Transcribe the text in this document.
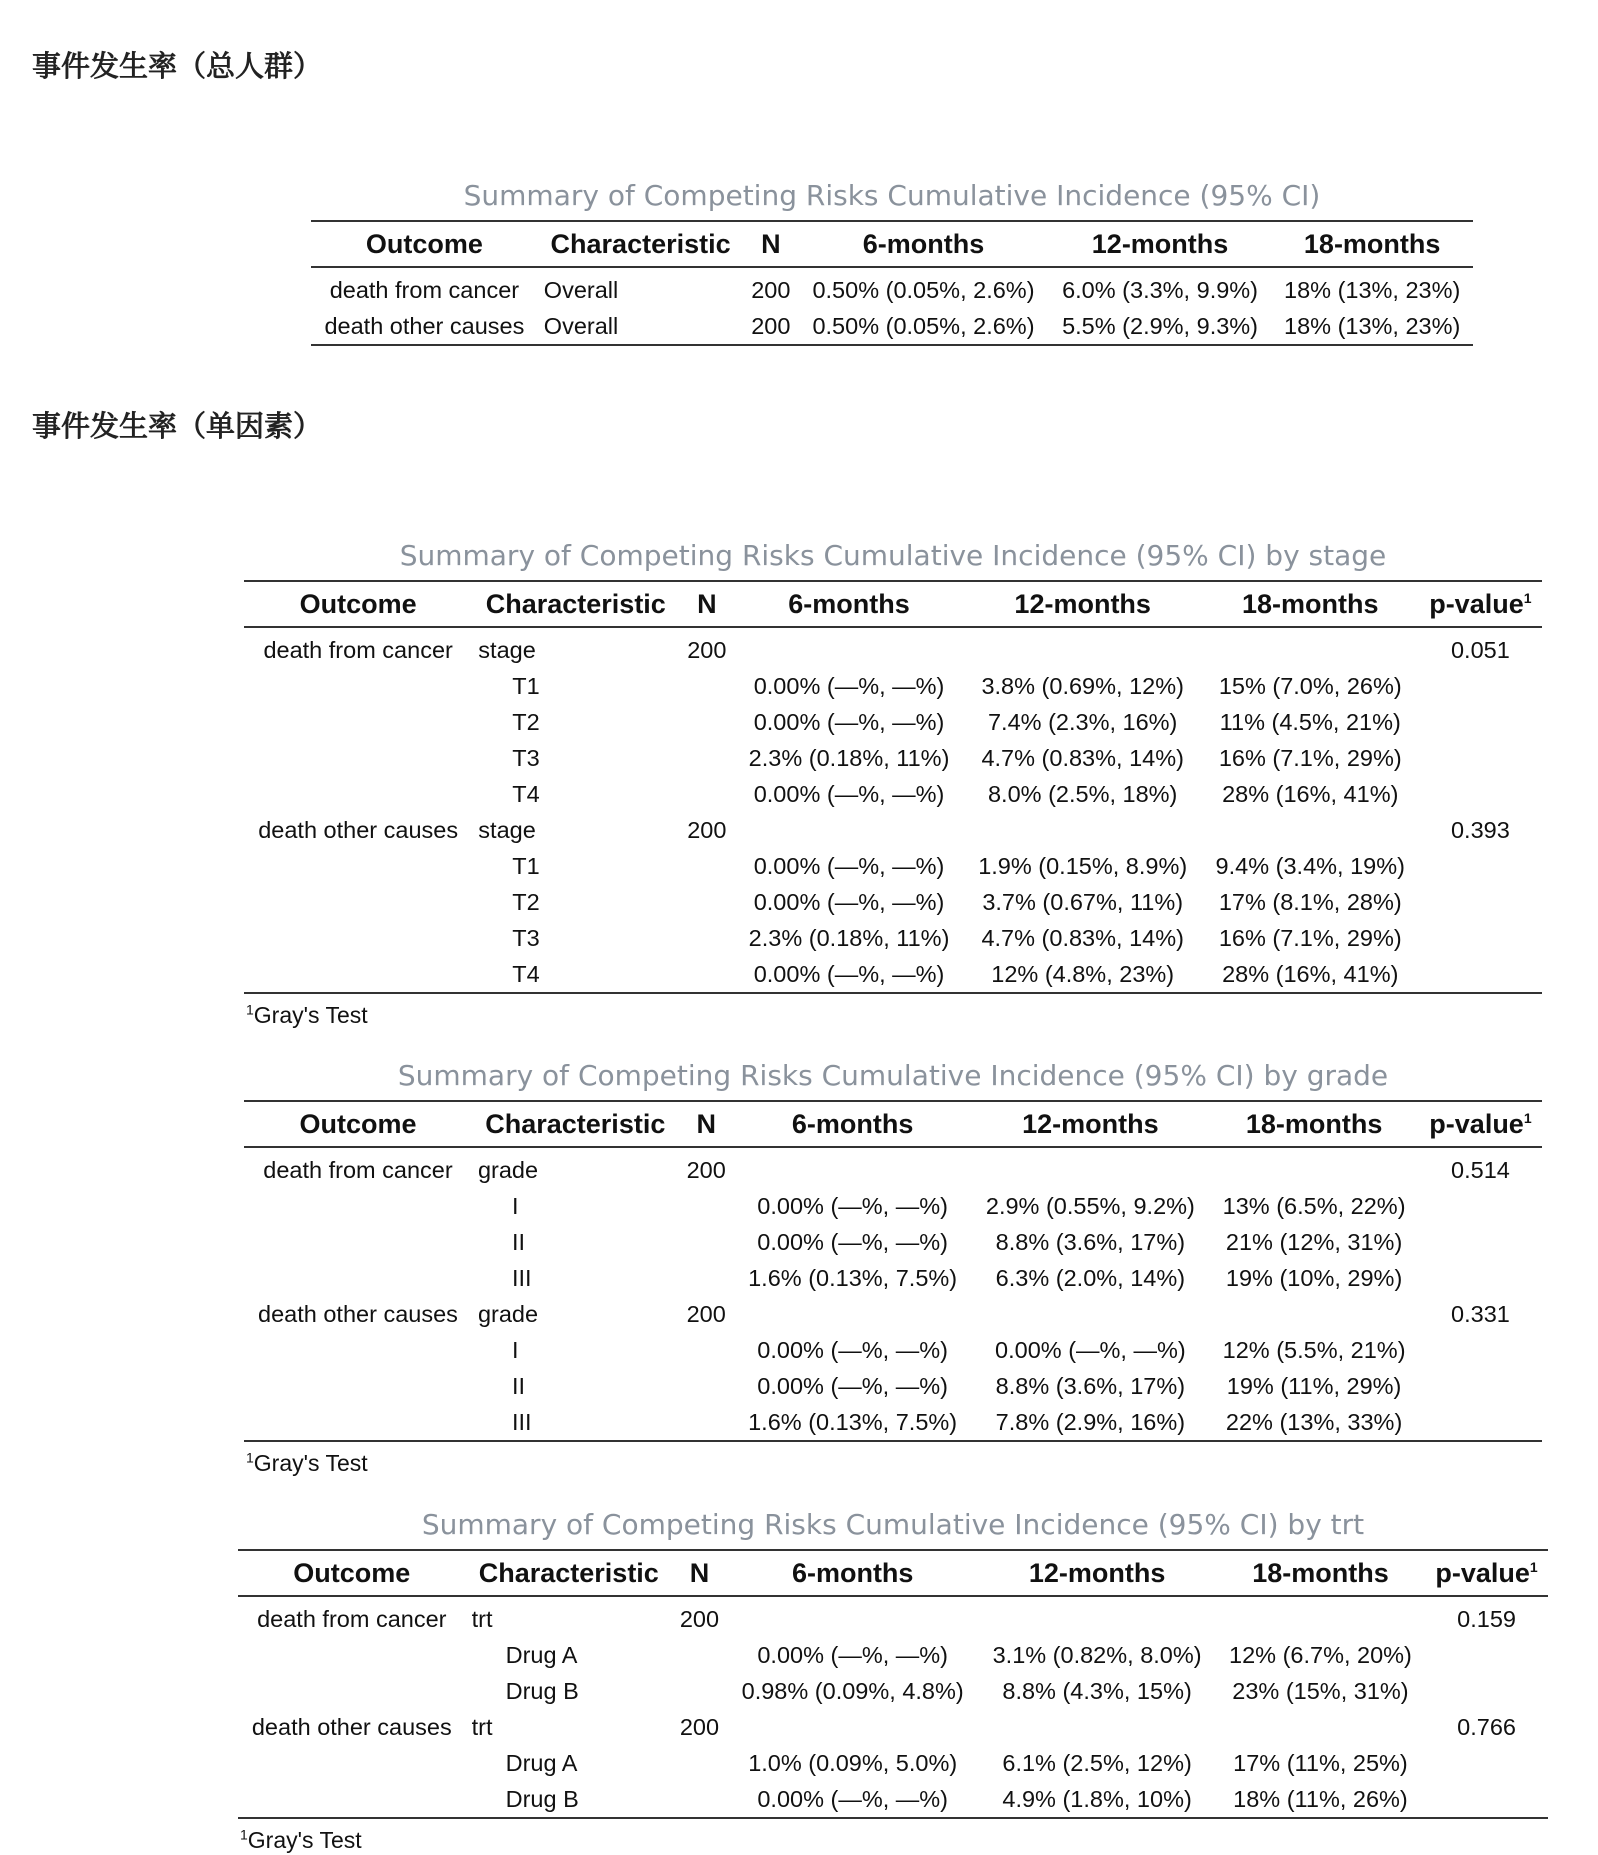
事件发生率（总人群）
事件发生率（单因素）
Summary of Competing Risks Cumulative Incidence (95% CI)
Outcome	Characteristic	N	6-months	12-months	18-months
death from cancer	Overall	200	0.50% (0.05%, 2.6%)	6.0% (3.3%, 9.9%)	18% (13%, 23%)
death other causes	Overall	200	0.50% (0.05%, 2.6%)	5.5% (2.9%, 9.3%)	18% (13%, 23%)
Summary of Competing Risks Cumulative Incidence (95% CI) by stage
Outcome	Characteristic	N	6-months	12-months	18-months	p-value$^1$
death from cancer	stage	200				0.051
	T1		0.00% (—%, —%)	3.8% (0.69%, 12%)	15% (7.0%, 26%)	
	T2		0.00% (—%, —%)	7.4% (2.3%, 16%)	11% (4.5%, 21%)	
	T3		2.3% (0.18%, 11%)	4.7% (0.83%, 14%)	16% (7.1%, 29%)	
	T4		0.00% (—%, —%)	8.0% (2.5%, 18%)	28% (16%, 41%)	
death other causes	stage	200				0.393
	T1		0.00% (—%, —%)	1.9% (0.15%, 8.9%)	9.4% (3.4%, 19%)	
	T2		0.00% (—%, —%)	3.7% (0.67%, 11%)	17% (8.1%, 28%)	
	T3		2.3% (0.18%, 11%)	4.7% (0.83%, 14%)	16% (7.1%, 29%)	
	T4		0.00% (—%, —%)	12% (4.8%, 23%)	28% (16%, 41%)	
$^1$Gray's Test
Summary of Competing Risks Cumulative Incidence (95% CI) by grade
Outcome	Characteristic	N	6-months	12-months	18-months	p-value$^1$
death from cancer	grade	200				0.514
	I		0.00% (—%, —%)	2.9% (0.55%, 9.2%)	13% (6.5%, 22%)	
	II		0.00% (—%, —%)	8.8% (3.6%, 17%)	21% (12%, 31%)	
	III		1.6% (0.13%, 7.5%)	6.3% (2.0%, 14%)	19% (10%, 29%)	
death other causes	grade	200				0.331
	I		0.00% (—%, —%)	0.00% (—%, —%)	12% (5.5%, 21%)	
	II		0.00% (—%, —%)	8.8% (3.6%, 17%)	19% (11%, 29%)	
	III		1.6% (0.13%, 7.5%)	7.8% (2.9%, 16%)	22% (13%, 33%)	
$^1$Gray's Test
Summary of Competing Risks Cumulative Incidence (95% CI) by trt
Outcome	Characteristic	N	6-months	12-months	18-months	p-value$^1$
death from cancer	trt	200				0.159
	Drug A		0.00% (—%, —%)	3.1% (0.82%, 8.0%)	12% (6.7%, 20%)	
	Drug B		0.98% (0.09%, 4.8%)	8.8% (4.3%, 15%)	23% (15%, 31%)	
death other causes	trt	200				0.766
	Drug A		1.0% (0.09%, 5.0%)	6.1% (2.5%, 12%)	17% (11%, 25%)	
	Drug B		0.00% (—%, —%)	4.9% (1.8%, 10%)	18% (11%, 26%)	
$^1$Gray's Test
